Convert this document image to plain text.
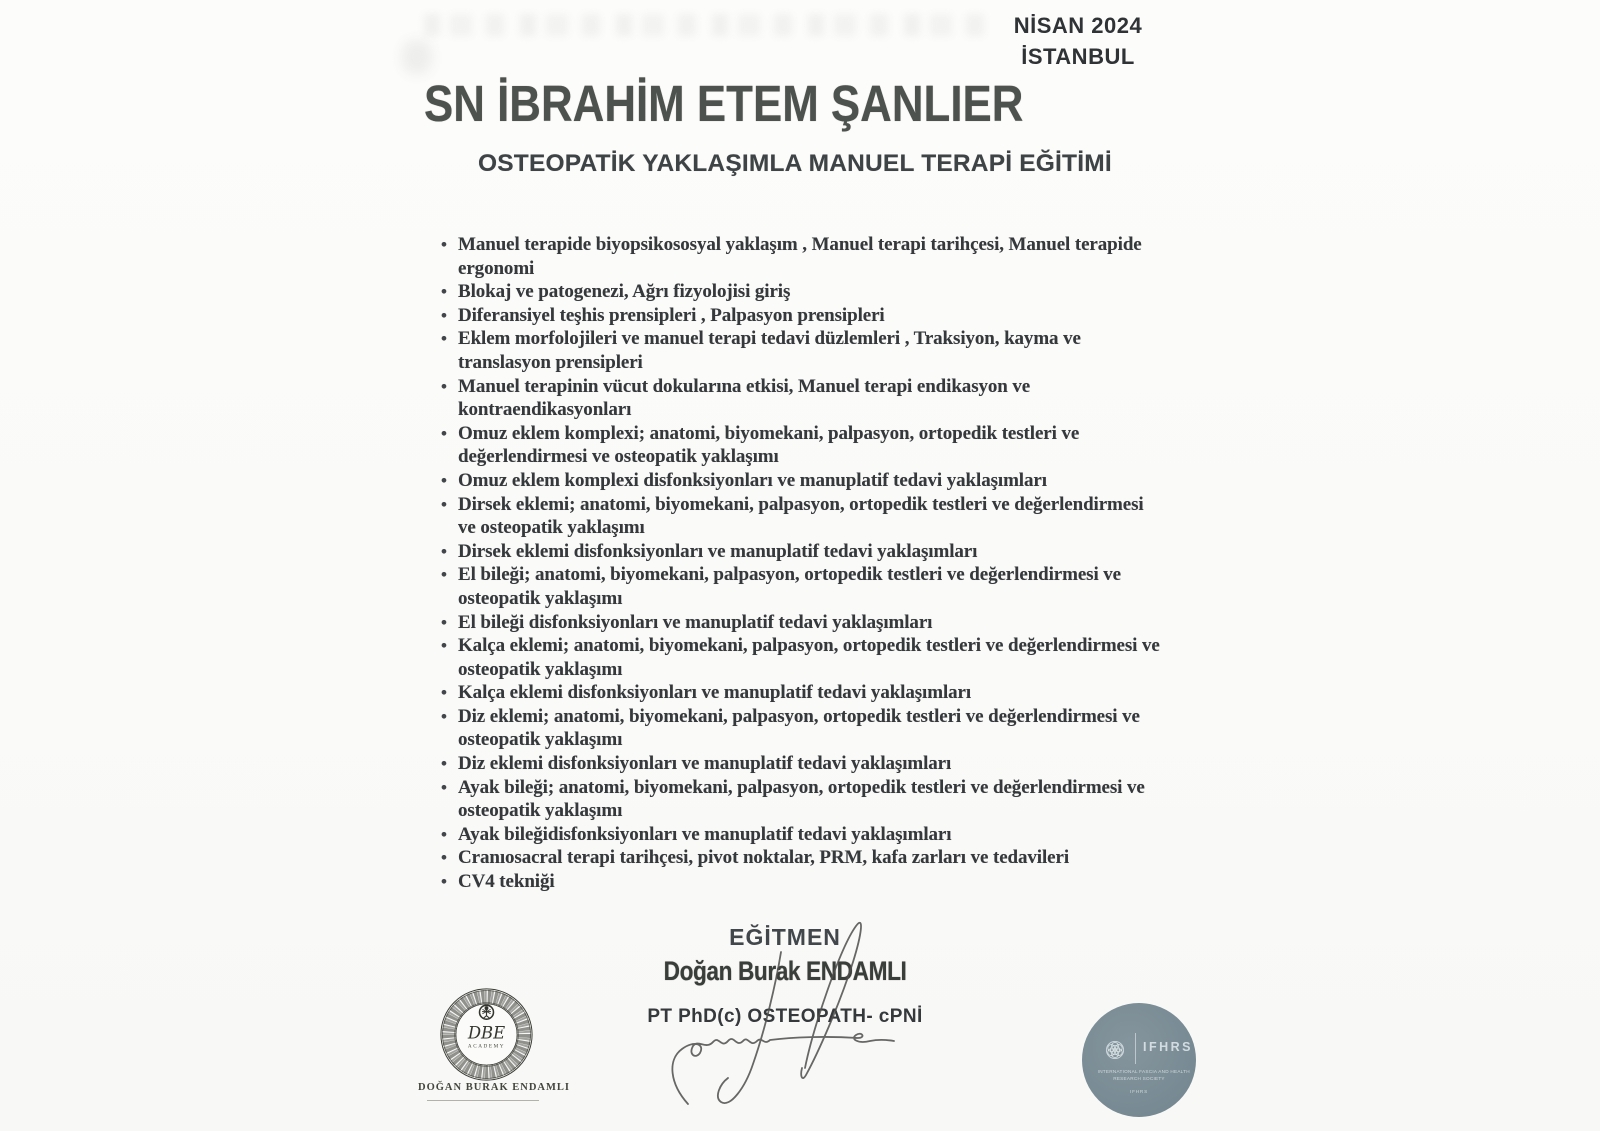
NİSAN 2024
İSTANBUL
SN İBRAHİM ETEM ŞANLIER
OSTEOPATİK YAKLAŞIMLA MANUEL TERAPİ EĞİTİMİ
• Manuel terapide biyopsikososyal yaklaşım , Manuel terapi tarihçesi, Manuel terapide ergonomi
• Blokaj ve patogenezi, Ağrı fizyolojisi giriş
• Diferansiyel teşhis prensipleri , Palpasyon prensipleri
• Eklem morfolojileri ve manuel terapi tedavi düzlemleri , Traksiyon, kayma ve translasyon prensipleri
• Manuel terapinin vücut dokularına etkisi, Manuel terapi endikasyon ve kontraendikasyonları
• Omuz eklem komplexi; anatomi, biyomekani, palpasyon, ortopedik testleri ve değerlendirmesi ve osteopatik yaklaşımı
• Omuz eklem komplexi disfonksiyonları ve manuplatif tedavi yaklaşımları
• Dirsek eklemi; anatomi, biyomekani, palpasyon, ortopedik testleri ve değerlendirmesi ve osteopatik yaklaşımı
• Dirsek eklemi disfonksiyonları ve manuplatif tedavi yaklaşımları
• El bileği; anatomi, biyomekani, palpasyon, ortopedik testleri ve değerlendirmesi ve osteopatik yaklaşımı
• El bileği disfonksiyonları ve manuplatif tedavi yaklaşımları
• Kalça eklemi; anatomi, biyomekani, palpasyon, ortopedik testleri ve değerlendirmesi ve osteopatik yaklaşımı
• Kalça eklemi disfonksiyonları ve manuplatif tedavi yaklaşımları
• Diz eklemi; anatomi, biyomekani, palpasyon, ortopedik testleri ve değerlendirmesi ve osteopatik yaklaşımı
• Diz eklemi disfonksiyonları ve manuplatif tedavi yaklaşımları
• Ayak bileği; anatomi, biyomekani, palpasyon, ortopedik testleri ve değerlendirmesi ve osteopatik yaklaşımı
• Ayak bileğidisfonksiyonları ve manuplatif tedavi yaklaşımları
• Cranıosacral terapi tarihçesi, pivot noktalar, PRM, kafa zarları ve tedavileri
• CV4 tekniği
EĞİTMEN
Doğan Burak ENDAMLI
PT PhD(c) OSTEOPATH- cPNİ
DBE
ACADEMY
DOĞAN BURAK ENDAMLI
IFHRS
INTERNATIONAL FASCIA AND HEALTH
RESEARCH SOCIETY
IFHRS
